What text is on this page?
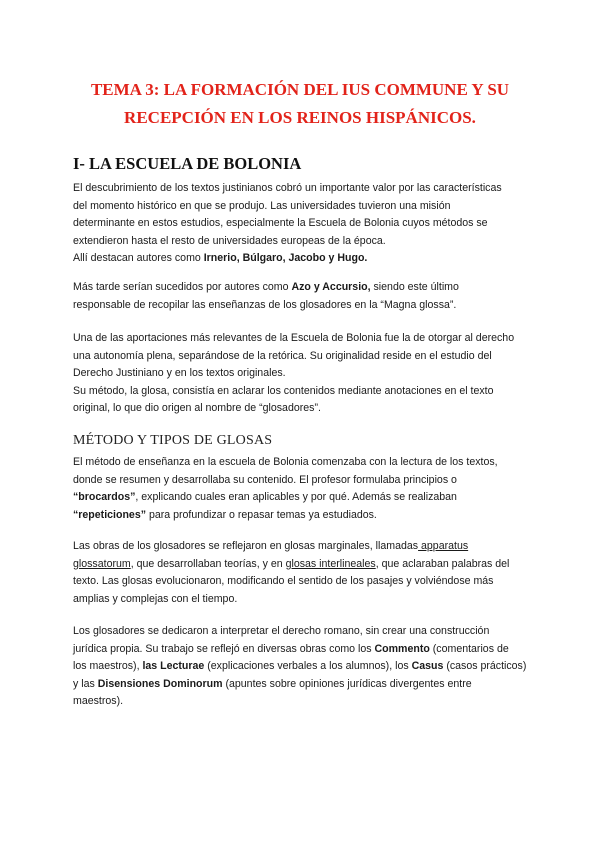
TEMA 3: LA FORMACIÓN DEL IUS COMMUNE Y SU
RECEPCIÓN EN LOS REINOS HISPÁNICOS.
I- LA ESCUELA DE BOLONIA
El descubrimiento de los textos justinianos cobró un importante valor por las características
del momento histórico en que se produjo. Las universidades tuvieron una misión
determinante en estos estudios, especialmente la Escuela de Bolonia cuyos métodos se
extendieron hasta el resto de universidades europeas de la época.
Allí destacan autores como Irnerio, Búlgaro, Jacobo y Hugo.
Más tarde serían sucedidos por autores como Azo y Accursio, siendo este último
responsable de recopilar las enseñanzas de los glosadores en la “Magna glossa”.
Una de las aportaciones más relevantes de la Escuela de Bolonia fue la de otorgar al derecho
una autonomía plena, separándose de la retórica. Su originalidad reside en el estudio del
Derecho Justiniano y en los textos originales.
Su método, la glosa, consistía en aclarar los contenidos mediante anotaciones en el texto
original, lo que dio origen al nombre de “glosadores”.
MÉTODO Y TIPOS DE GLOSAS
El método de enseñanza en la escuela de Bolonia comenzaba con la lectura de los textos,
donde se resumen y desarrollaba su contenido. El profesor formulaba principios o
“brocardos”, explicando cuales eran aplicables y por qué. Además se realizaban
“repeticiones” para profundizar o repasar temas ya estudiados.
Las obras de los glosadores se reflejaron en glosas marginales, llamadas apparatus
glossatorum, que desarrollaban teorías, y en glosas interlineales, que aclaraban palabras del
texto. Las glosas evolucionaron, modificando el sentido de los pasajes y volviéndose más
amplias y complejas con el tiempo.
Los glosadores se dedicaron a interpretar el derecho romano, sin crear una construcción
jurídica propia. Su trabajo se reflejó en diversas obras como los Commento (comentarios de
los maestros), las Lecturae (explicaciones verbales a los alumnos), los Casus (casos prácticos)
y las Disensiones Dominorum (apuntes sobre opiniones jurídicas divergentes entre
maestros).
